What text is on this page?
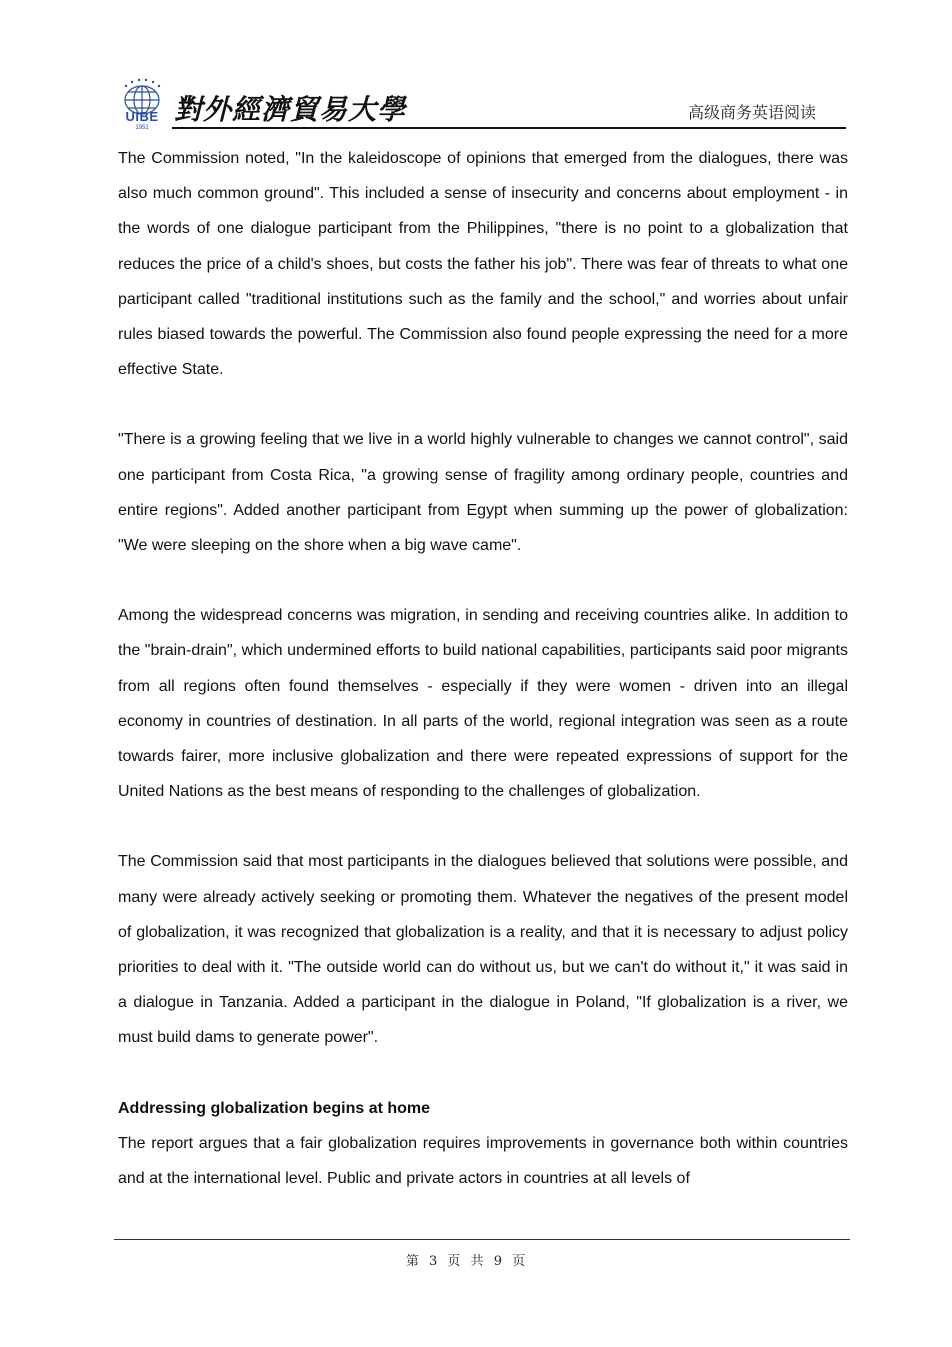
UIBE
1951
對外經濟貿易大學	高级商务英语阅读

The Commission noted, "In the kaleidoscope of opinions that emerged from the dialogues, there was also much common ground". This included a sense of insecurity and concerns about employment - in the words of one dialogue participant from the Philippines, "there is no point to a globalization that reduces the price of a child's shoes, but costs the father his job". There was fear of threats to what one participant called "traditional institutions such as the family and the school," and worries about unfair rules biased towards the powerful. The Commission also found people expressing the need for a more effective State.

"There is a growing feeling that we live in a world highly vulnerable to changes we cannot control", said one participant from Costa Rica, "a growing sense of fragility among ordinary people, countries and entire regions". Added another participant from Egypt when summing up the power of globalization: "We were sleeping on the shore when a big wave came".

Among the widespread concerns was migration, in sending and receiving countries alike. In addition to the "brain-drain", which undermined efforts to build national capabilities, participants said poor migrants from all regions often found themselves - especially if they were women - driven into an illegal economy in countries of destination. In all parts of the world, regional integration was seen as a route towards fairer, more inclusive globalization and there were repeated expressions of support for the United Nations as the best means of responding to the challenges of globalization.

The Commission said that most participants in the dialogues believed that solutions were possible, and many were already actively seeking or promoting them. Whatever the negatives of the present model of globalization, it was recognized that globalization is a reality, and that it is necessary to adjust policy priorities to deal with it. "The outside world can do without us, but we can't do without it," it was said in a dialogue in Tanzania. Added a participant in the dialogue in Poland, "If globalization is a river, we must build dams to generate power".

Addressing globalization begins at home

The report argues that a fair globalization requires improvements in governance both within countries and at the international level. Public and private actors in countries at all levels of

第 3 页 共 9 页
